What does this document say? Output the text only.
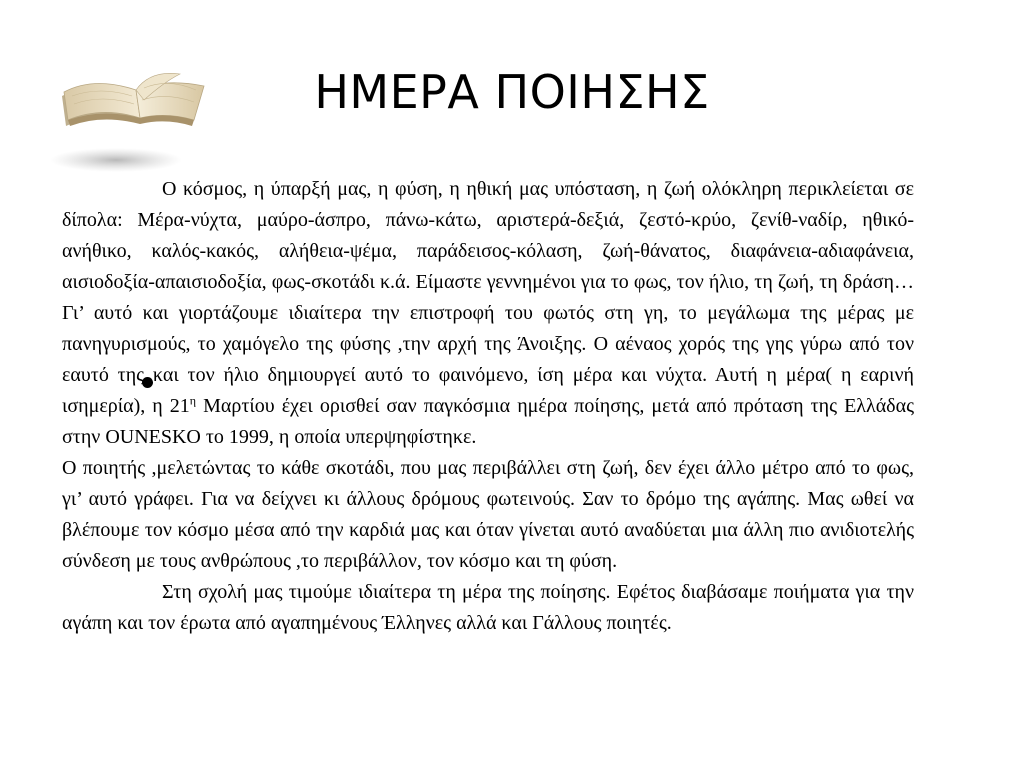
ΗΜΕΡΑ ΠΟΙΗΣΗΣ

Ο κόσμος, η ύπαρξή μας, η φύση, η ηθική μας υπόσταση, η ζωή ολόκληρη περικλείεται σε δίπολα: Μέρα-νύχτα, μαύρο-άσπρο, πάνω-κάτω, αριστερά-δεξιά, ζεστό-κρύο, ζενίθ-ναδίρ, ηθικό-ανήθικο, καλός-κακός, αλήθεια-ψέμα, παράδεισος-κόλαση, ζωή-θάνατος, διαφάνεια-αδιαφάνεια, αισιοδοξία-απαισιοδοξία, φως-σκοτάδι κ.ά. Είμαστε γεννημένοι για το φως, τον ήλιο, τη ζωή, τη δράση… Γι’ αυτό και γιορτάζουμε ιδιαίτερα την επιστροφή του φωτός στη γη, το μεγάλωμα της μέρας με πανηγυρισμούς, το χαμόγελο της φύσης ,την αρχή της Άνοιξης. Ο αέναος χορός της γης γύρω από τον εαυτό της και τον ήλιο δημιουργεί αυτό το φαινόμενο, ίση μέρα και νύχτα. Αυτή η μέρα( η εαρινή ισημερία), η $21^\eta$ Μαρτίου έχει ορισθεί σαν παγκόσμια ημέρα ποίησης, μετά από πρόταση της Ελλάδας στην OUNESKO το 1999, η οποία υπερψηφίστηκε.

Ο ποιητής ,μελετώντας το κάθε σκοτάδι, που μας περιβάλλει στη ζωή, δεν έχει άλλο μέτρο από το φως, γι’ αυτό γράφει. Για να δείχνει κι άλλους δρόμους φωτεινούς. Σαν το δρόμο της αγάπης. Μας ωθεί να βλέπουμε τον κόσμο μέσα από την καρδιά μας και όταν γίνεται αυτό αναδύεται μια άλλη πιο ανιδιοτελής σύνδεση με τους ανθρώπους ,το περιβάλλον, τον κόσμο και τη φύση.

Στη σχολή μας τιμούμε ιδιαίτερα τη μέρα της ποίησης. Εφέτος διαβάσαμε ποιήματα για την αγάπη και τον έρωτα από αγαπημένους Έλληνες αλλά και Γάλλους ποιητές.
